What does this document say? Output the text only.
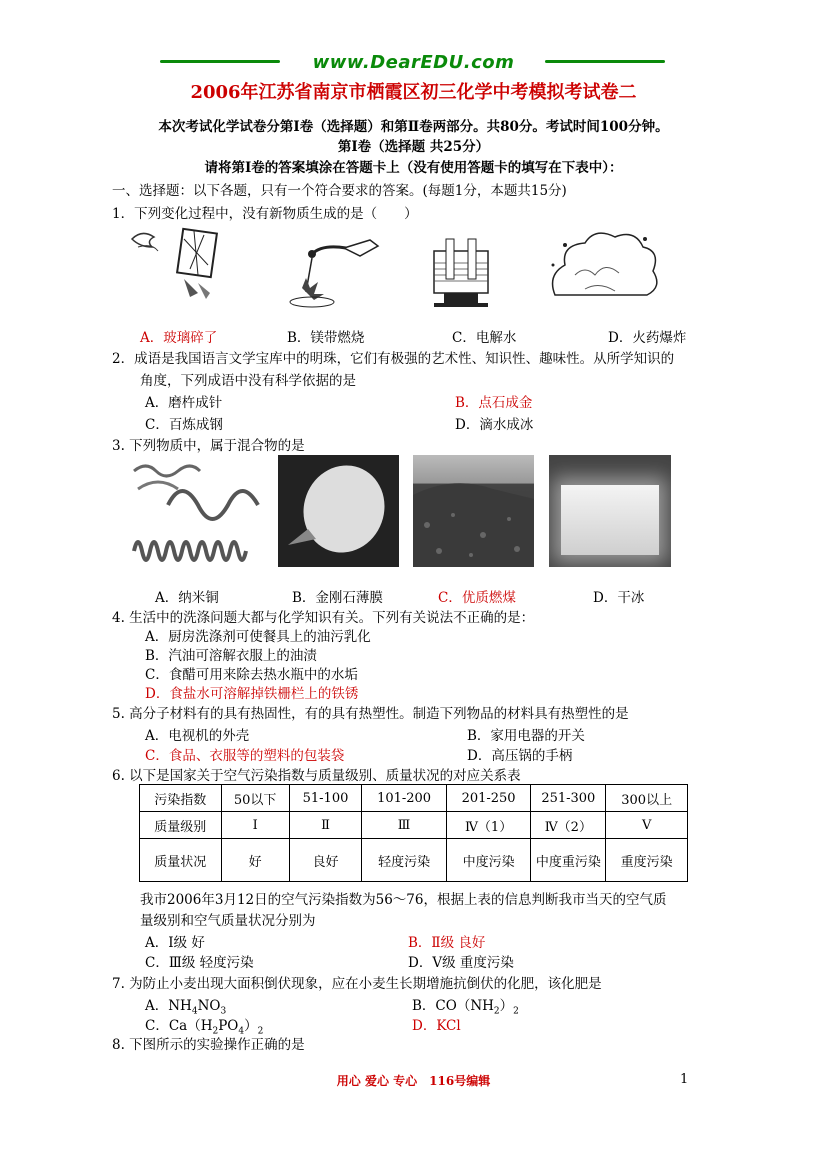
www.DearEDU.com
2006年江苏省南京市栖霞区初三化学中考模拟考试卷二
本次考试化学试卷分第Ⅰ卷（选择题）和第Ⅱ卷两部分。共80分。考试时间100分钟。
第Ⅰ卷（选择题 共25分）
请将第Ⅰ卷的答案填涂在答题卡上（没有使用答题卡的填写在下表中）：
一、选择题：以下各题，只有一个符合要求的答案。(每题1分，本题共15分)
1．下列变化过程中，没有新物质生成的是（　　）
A．玻璃碎了	B．镁带燃烧	C．电解水	D．火药爆炸
2．成语是我国语言文学宝库中的明珠，它们有极强的艺术性、知识性、趣味性。从所学知识的
角度，下列成语中没有科学依据的是
A．磨杵成针	B．点石成金
C．百炼成钢	D．滴水成冰
3. 下列物质中，属于混合物的是
A．纳米铜	B．金刚石薄膜	C．优质燃煤	D．干冰
4. 生活中的洗涤问题大都与化学知识有关。下列有关说法不正确的是：
A．厨房洗涤剂可使餐具上的油污乳化
B．汽油可溶解衣服上的油渍
C．食醋可用来除去热水瓶中的水垢
D．食盐水可溶解掉铁栅栏上的铁锈
5. 高分子材料有的具有热固性，有的具有热塑性。制造下列物品的材料具有热塑性的是
A．电视机的外壳	B．家用电器的开关
C．食品、衣服等的塑料的包装袋	D．高压锅的手柄
6. 以下是国家关于空气污染指数与质量级别、质量状况的对应关系表
污染指数	50以下	51-100	101-200	201-250	251-300	300以上
质量级别	Ⅰ	Ⅱ	Ⅲ	Ⅳ（1）	Ⅳ（2）	Ⅴ
质量状况	好	良好	轻度污染	中度污染	中度重污染	重度污染
我市2006年3月12日的空气污染指数为56～76，根据上表的信息判断我市当天的空气质
量级别和空气质量状况分别为
A．Ⅰ级 好	B．Ⅱ级 良好
C．Ⅲ级 轻度污染	D．Ⅴ级 重度污染
7. 为防止小麦出现大面积倒伏现象，应在小麦生长期增施抗倒伏的化肥，该化肥是
A．$NH_4NO_3$	B．$CO(NH_2)_2$
C．$Ca(H_2PO_4)_2$	D．KCl
8. 下图所示的实验操作正确的是
用心 爱心 专心　116号编辑	1
